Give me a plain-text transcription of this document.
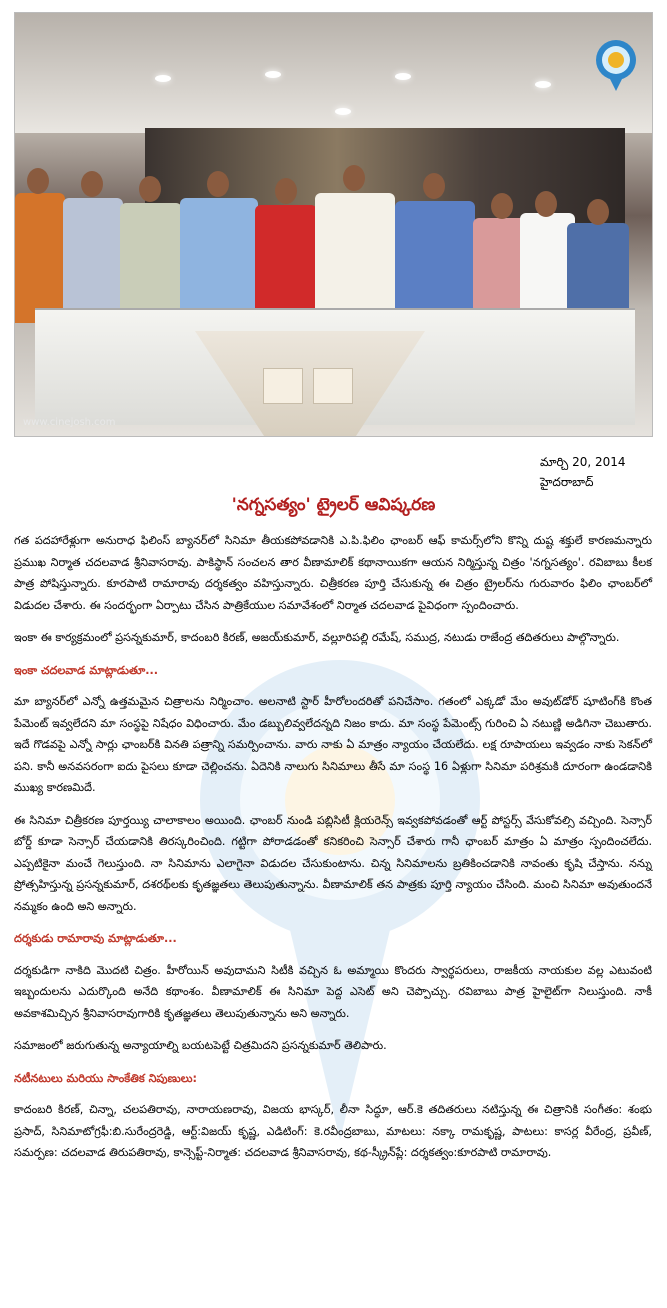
www.cinejosh.com
మార్చి 20, 2014
హైదరాబాద్
'నగ్నసత్యం' ట్రైలర్ ఆవిష్కరణ

గత పదహారేళ్లుగా అనురాధ ఫిలింస్ బ్యానర్‌లో సినిమా తీయకపోవడానికి ఎ.పి.ఫిలిం ఛాంబర్ ఆఫ్ కామర్స్‌లోని కొన్ని దుష్ట శక్తులే కారణమన్నారు ప్రముఖ నిర్మాత చదలవాడ శ్రీనివాసరావు. పాకిస్థాన్ సంచలన తార వీణామాలిక్ కథానాయికగా ఆయన నిర్మిస్తున్న చిత్రం 'నగ్నసత్యం'. రవిబాబు కీలక పాత్ర పోషిస్తున్నారు. కూరపాటి రామారావు దర్శకత్వం వహిస్తున్నారు. చిత్రీకరణ పూర్తి చేసుకున్న ఈ చిత్రం ట్రైలర్‌ను గురువారం ఫిలిం ఛాంబర్‌లో విడుదల చేశారు. ఈ సందర్భంగా ఏర్పాటు చేసిన పాత్రికేయుల సమావేశంలో నిర్మాత చదలవాడ పైవిధంగా స్పందించారు.

ఇంకా ఈ కార్యక్రమంలో ప్రసన్నకుమార్, కాదంబరి కిరణ్, అజయ్‌కుమార్, వల్లూరిపల్లి రమేష్, సముద్ర, నటుడు రాజేంద్ర తదితరులు పాల్గొన్నారు.

ఇంకా చదలవాడ మాట్లాడుతూ...

మా బ్యానర్‌లో ఎన్నో ఉత్తమమైన చిత్రాలను నిర్మించాం. అలనాటి స్టార్ హీరోలందరితో పనిచేసాం. గతంలో ఎక్కడో మేం అవుట్‌డోర్ షూటింగ్‌కి కొంత పేమెంట్ ఇవ్వలేదని మా సంస్థపై నిషేధం విధించారు. మేం డబ్బులివ్వలేదన్నది నిజం కాదు. మా సంస్థ పేమెంట్స్ గురించి ఏ నటుణ్ణి అడిగినా చెబుతారు. ఇదే గొడవపై ఎన్నో సార్లు ఛాంబర్‌కి వినతి పత్రాన్ని సమర్పించాను. వారు నాకు ఏ మాత్రం న్యాయం చేయలేదు. లక్ష రూపాయలు ఇవ్వడం నాకు సెకన్‌లో పని. కానీ అనవసరంగా ఐదు పైసలు కూడా చెల్లించను. ఏదెనికి నాలుగు సినిమాలు తీసే మా సంస్థ 16 ఏళ్లుగా సినిమా పరిశ్రమకి దూరంగా ఉండడానికి ముఖ్య కారణమిదే.

ఈ సినిమా చిత్రీకరణ పూర్తయ్యి చాలాకాలం అయింది. ఛాంబర్ నుండి పబ్లిసిటీ క్లియరెన్స్ ఇవ్వకపోవడంతో ఆర్ట్ పోస్టర్స్ వేసుకోవల్సి వచ్చింది. సెన్సార్ బోర్డ్ కూడా సెన్సార్ చేయడానికి తిరస్కరించింది. గట్టిగా పోరాడడంతో కనికరించి సెన్సార్ చేశారు గానీ ఛాంబర్ మాత్రం ఏ మాత్రం స్పందించలేదు. ఎప్పటికైనా మంచే గెలుస్తుంది. నా సినిమాను ఎలాగైనా విడుదల చేసుకుంటాను. చిన్న సినిమాలను బ్రతికించడానికి నావంతు కృషి చేస్తాను. నన్ను ప్రోత్సహిస్తున్న ప్రసన్నకుమార్, దశరథ్‌లకు కృతజ్ఞతలు తెలుపుతున్నాను. వీణామాలిక్ తన పాత్రకు పూర్తి న్యాయం చేసింది. మంచి సినిమా అవుతుందనే నమ్మకం ఉంది అని అన్నారు.

దర్శకుడు రామారావు మాట్లాడుతూ...

దర్శకుడిగా నాకిది మొదటి చిత్రం. హీరోయిన్ అవుదామని సిటీకి వచ్చిన ఓ అమ్మాయి కొందరు స్వార్థపరులు, రాజకీయ నాయకుల వల్ల ఎటువంటి ఇబ్బందులను ఎదుర్కొంది అనేది కథాంశం. వీణామాలిక్ ఈ సినిమా పెద్ద ఎసెట్ అని చెప్పొచ్చు. రవిబాబు పాత్ర హైలైట్‌గా నిలుస్తుంది. నాకీ అవకాశమిచ్చిన శ్రీనివాసరావుగారికి కృతజ్ఞతలు తెలుపుతున్నాను అని అన్నారు.

సమాజంలో జరుగుతున్న అన్యాయాల్ని బయటపెట్టే చిత్రమిదని ప్రసన్నకుమార్ తెలిపారు.

నటీనటులు మరియు సాంకేతిక నిపుణులు:

కాదంబరి కిరణ్, చిన్నా, చలపతిరావు, నారాయణరావు, విజయ భాస్కర్, లీనా సిద్ధూ, ఆర్.కె తదితరులు నటిస్తున్న ఈ చిత్రానికి సంగీతం: శంభు ప్రసాద్, సినిమాటోగ్రఫీ:బి.సురేంద్రరెడ్డి, ఆర్ట్:విజయ్ కృష్ణ, ఎడిటింగ్: కె.రవీంద్రబాబు, మాటలు: నక్కా రామకృష్ణ, పాటలు: కాసర్ల వీరేంద్ర, ప్రవీణ్, సమర్పణ: చదలవాడ తిరుపతిరావు, కాన్సెప్ట్-నిర్మాత: చదలవాడ శ్రీనివాసరావు, కథ-స్క్రీన్‌ప్లే: దర్శకత్వం:కూరపాటి రామారావు.
